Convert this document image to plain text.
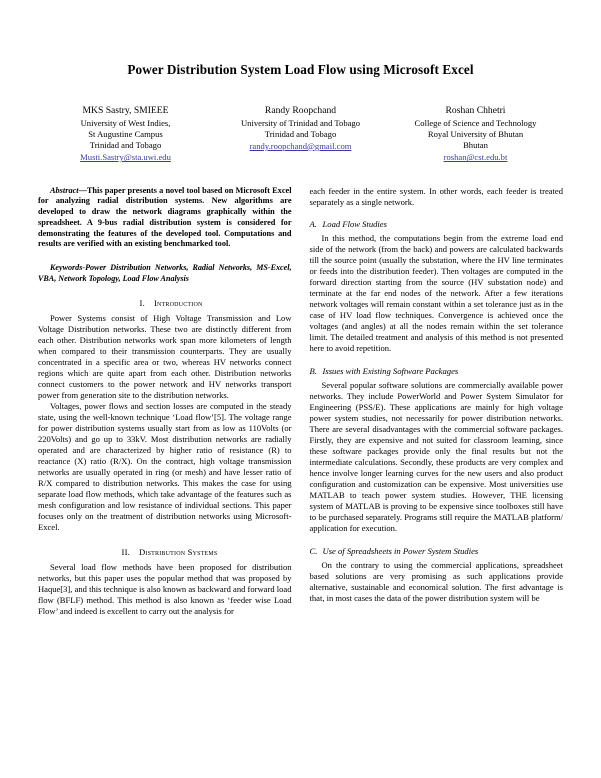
Power Distribution System Load Flow using Microsoft Excel
MKS Sastry, SMIEEE
University of West Indies,
St Augustine Campus
Trinidad and Tobago
Musti.Sastry@sta.uwi.edu
Randy Roopchand
University of Trinidad and Tobago
Trinidad and Tobago
randy.roopchand@gmail.com
Roshan Chhetri
College of Science and Technology
Royal University of Bhutan
Bhutan
roshan@cst.edu.bt
Abstract—This paper presents a novel tool based on Microsoft Excel for analyzing radial distribution systems. New algorithms are developed to draw the network diagrams graphically within the spreadsheet. A 9-bus radial distribution system is considered for demonstrating the features of the developed tool. Computations and results are verified with an existing benchmarked tool.
Keywords-Power Distribution Networks, Radial Networks, MS-Excel, VBA, Network Topology, Load Flow Analysis
I. Introduction

Power Systems consist of High Voltage Transmission and Low Voltage Distribution networks. These two are distinctly different from each other. Distribution networks work span more kilometers of length when compared to their transmission counterparts. They are usually concentrated in a specific area or two, whereas HV networks connect regions which are quite apart from each other. Distribution networks connect customers to the power network and HV networks transport power from generation site to the distribution networks.

Voltages, power flows and section losses are computed in the steady state, using the well-known technique ‘Load flow’[5]. The voltage range for power distribution systems usually start from as low as 110Volts (or 220Volts) and go up to 33kV. Most distribution networks are radially operated and are characterized by higher ratio of resistance (R) to reactance (X) ratio (R/X). On the contract, high voltage transmission networks are usually operated in ring (or mesh) and have lesser ratio of R/X compared to distribution networks. This makes the case for using separate load flow methods, which take advantage of the features such as mesh configuration and low resistance of individual sections. This paper focuses only on the treatment of distribution networks using Microsoft-Excel.

II. Distribution Systems

Several load flow methods have been proposed for distribution networks, but this paper uses the popular method that was proposed by Haque[3], and this technique is also known as backward and forward load flow (BFLF) method. This method is also known as ‘feeder wise Load Flow’ and indeed is excellent to carry out the analysis for

each feeder in the entire system. In other words, each feeder is treated separately as a single network.

A. Load Flow Studies

In this method, the computations begin from the extreme load end side of the network (from the back) and powers are calculated backwards till the source point (usually the substation, where the HV line terminates or feeds into the distribution feeder). Then voltages are computed in the forward direction starting from the source (HV substation node) and terminate at the far end nodes of the network. After a few iterations network voltages will remain constant within a set tolerance just as in the case of HV load flow techniques. Convergence is achieved once the voltages (and angles) at all the nodes remain within the set tolerance limit. The detailed treatment and analysis of this method is not presented here to avoid repetition.

B. Issues with Existing Software Packages

Several popular software solutions are commercially available power networks. They include PowerWorld and Power System Simulator for Engineering (PSS/E). These applications are mainly for high voltage power system studies, not necessarily for power distribution networks. There are several disadvantages with the commercial software packages. Firstly, they are expensive and not suited for classroom learning, since these software packages provide only the final results but not the intermediate calculations. Secondly, these products are very complex and hence involve longer learning curves for the new users and also product configuration and customization can be expensive. Most universities use MATLAB to teach power system studies. However, THE licensing system of MATLAB is proving to be expensive since toolboxes still have to be purchased separately. Programs still require the MATLAB platform/ application for execution.

C. Use of Spreadsheets in Power System Studies

On the contrary to using the commercial applications, spreadsheet based solutions are very promising as such applications provide alternative, sustainable and economical solution. The first advantage is that, in most cases the data of the power distribution system will be
